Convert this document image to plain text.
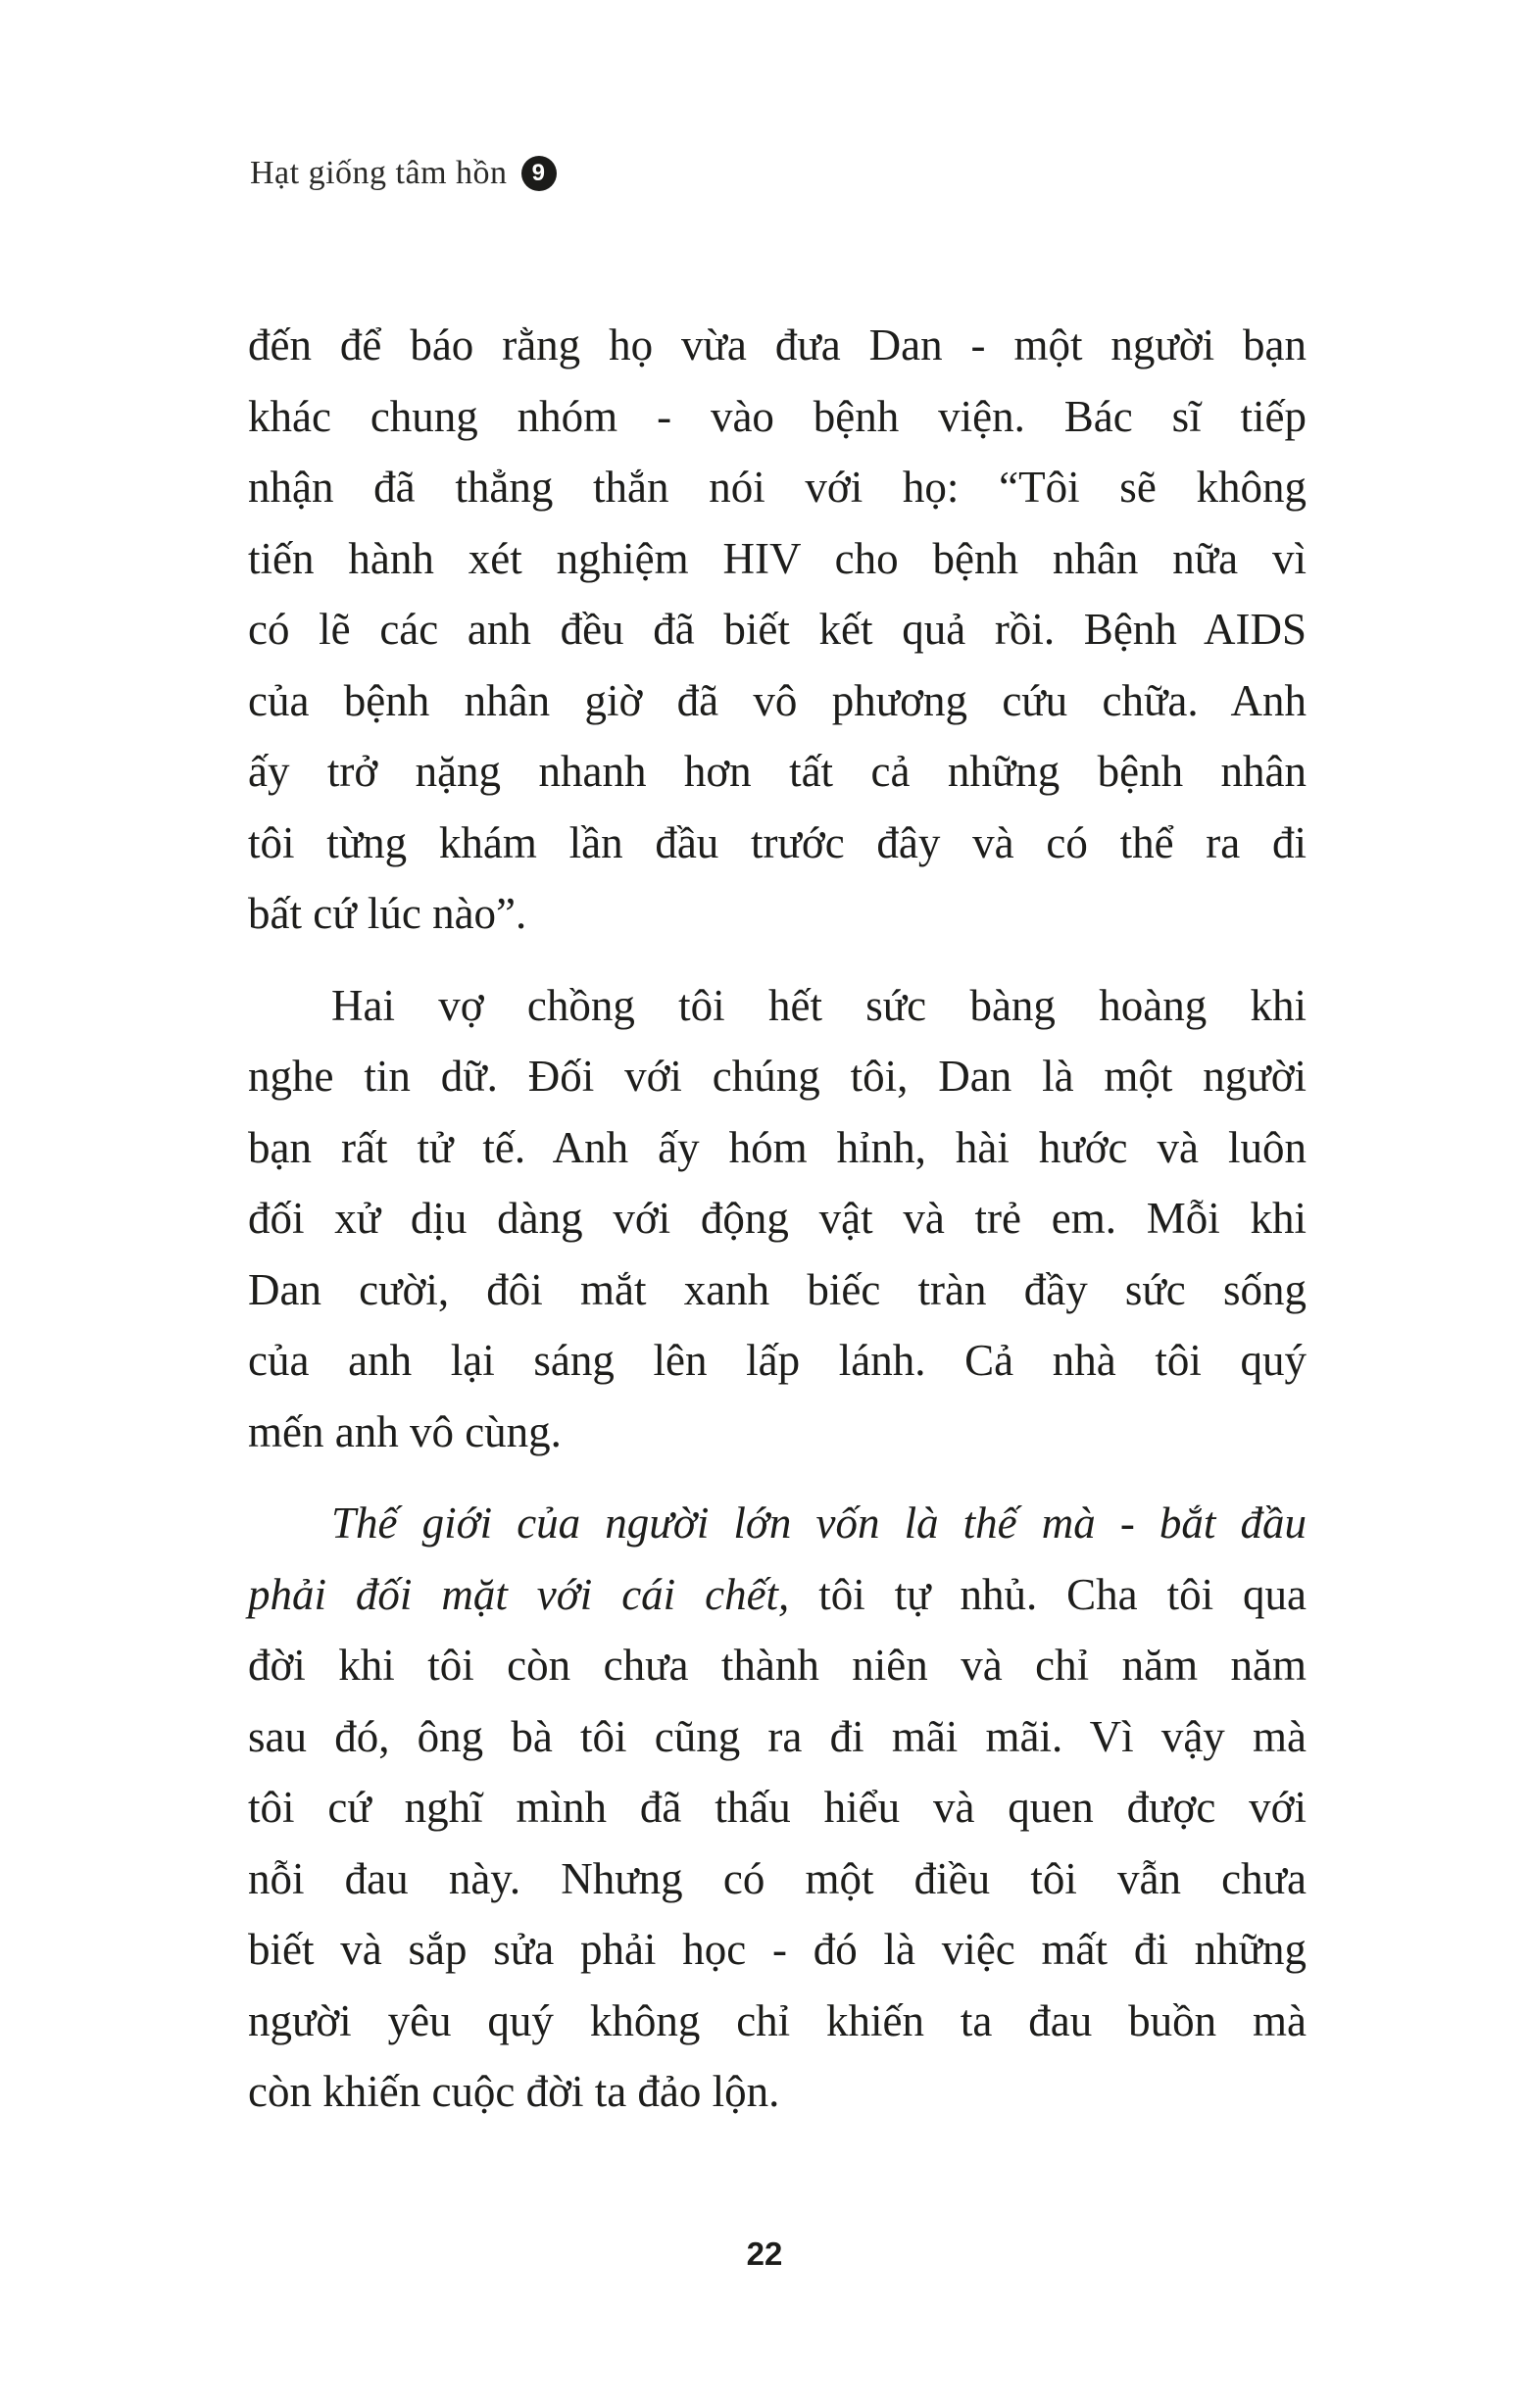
Hạt giống tâm hồn 9
đến để báo rằng họ vừa đưa Dan - một người bạn
khác chung nhóm - vào bệnh viện. Bác sĩ tiếp
nhận đã thẳng thắn nói với họ: “Tôi sẽ không
tiến hành xét nghiệm HIV cho bệnh nhân nữa vì
có lẽ các anh đều đã biết kết quả rồi. Bệnh AIDS
của bệnh nhân giờ đã vô phương cứu chữa. Anh
ấy trở nặng nhanh hơn tất cả những bệnh nhân
tôi từng khám lần đầu trước đây và có thể ra đi
bất cứ lúc nào”.
Hai vợ chồng tôi hết sức bàng hoàng khi
nghe tin dữ. Đối với chúng tôi, Dan là một người
bạn rất tử tế. Anh ấy hóm hỉnh, hài hước và luôn
đối xử dịu dàng với động vật và trẻ em. Mỗi khi
Dan cười, đôi mắt xanh biếc tràn đầy sức sống
của anh lại sáng lên lấp lánh. Cả nhà tôi quý
mến anh vô cùng.
Thế giới của người lớn vốn là thế mà - bắt đầu
phải đối mặt với cái chết, tôi tự nhủ. Cha tôi qua
đời khi tôi còn chưa thành niên và chỉ năm năm
sau đó, ông bà tôi cũng ra đi mãi mãi. Vì vậy mà
tôi cứ nghĩ mình đã thấu hiểu và quen được với
nỗi đau này. Nhưng có một điều tôi vẫn chưa
biết và sắp sửa phải học - đó là việc mất đi những
người yêu quý không chỉ khiến ta đau buồn mà
còn khiến cuộc đời ta đảo lộn.
22
